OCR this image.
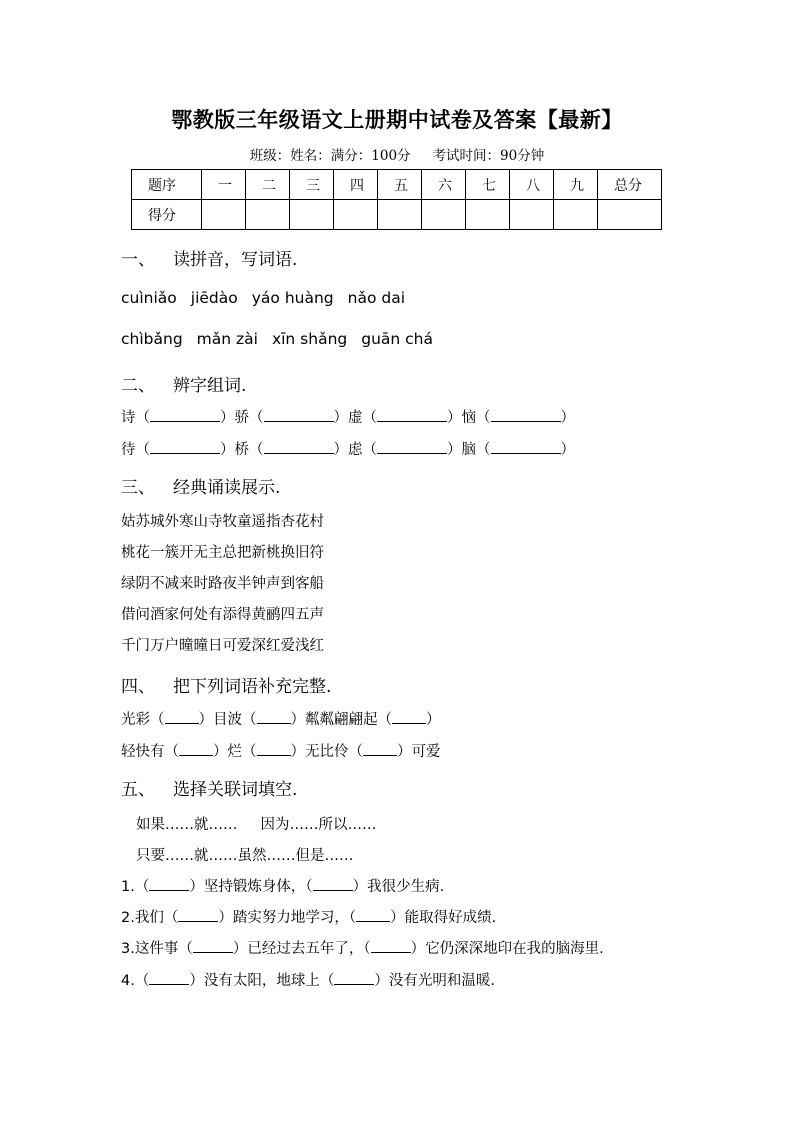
鄂教版三年级语文上册期中试卷及答案【最新】
班级：姓名：满分：100分 考试时间：90分钟
题序	一	二	三	四	五	六	七	八	九	总分
得分										
一、 读拼音，写词语.
cuìniǎo jiēdào yáo huàng nǎo dai
chìbǎng mǎn zài xīn shǎng guān chá
二、 辨字组词.
诗（	）骄（	）虚（	）恼（	）
待（	）桥（	）虑（	）脑（	）
三、 经典诵读展示.
姑苏城外寒山寺牧童遥指杏花村
桃花一簇开无主总把新桃换旧符
绿阴不减来时路夜半钟声到客船
借问酒家何处有添得黄鹂四五声
千门万户曈曈日可爱深红爱浅红
四、 把下列词语补充完整.
光彩（ ）目波（ ）粼粼翩翩起（ ）
轻快有（ ）烂（ ）无比伶（ ）可爱
五、 选择关联词填空.
如果……就……     因为……所以……
只要……就……虽然……但是……
1.（	）坚持锻炼身体，（	）我很少生病.
2.我们（	）踏实努力地学习，（ ）能取得好成绩.
3.这件事（	）已经过去五年了，（	）它仍深深地印在我的脑海里.
4.（	）没有太阳，地球上（	）没有光明和温暖.
